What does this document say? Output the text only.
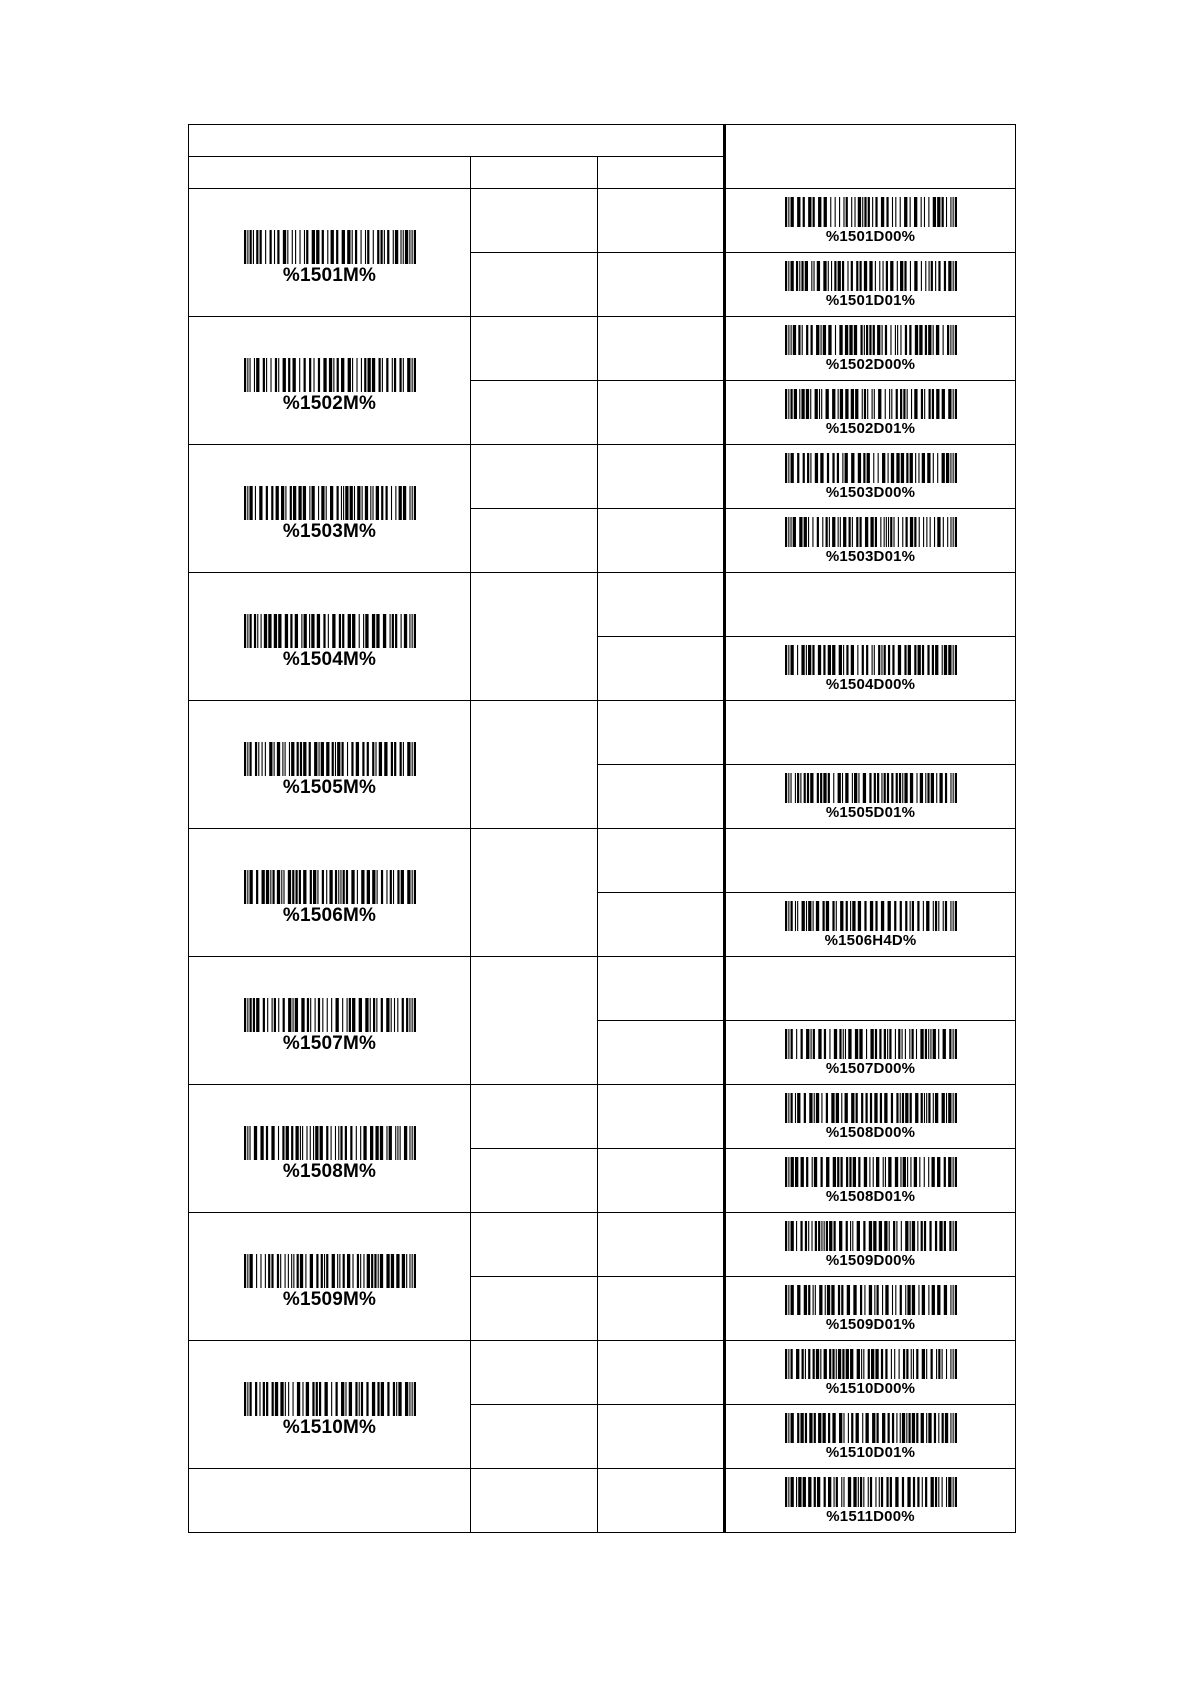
%1501M%			%1501D00%

			%1501D01%

%1502M%			%1502D00%

			%1502D01%

%1503M%			%1503D00%

			%1503D01%

%1504M%			

			%1504D00%

%1505M%			

			%1505D01%

%1506M%			

			%1506H4D%

%1507M%			

			%1507D00%

%1508M%			%1508D00%

			%1508D01%

%1509M%			%1509D00%

			%1509D01%

%1510M%			%1510D00%

			%1510D01%

			%1511D00%
